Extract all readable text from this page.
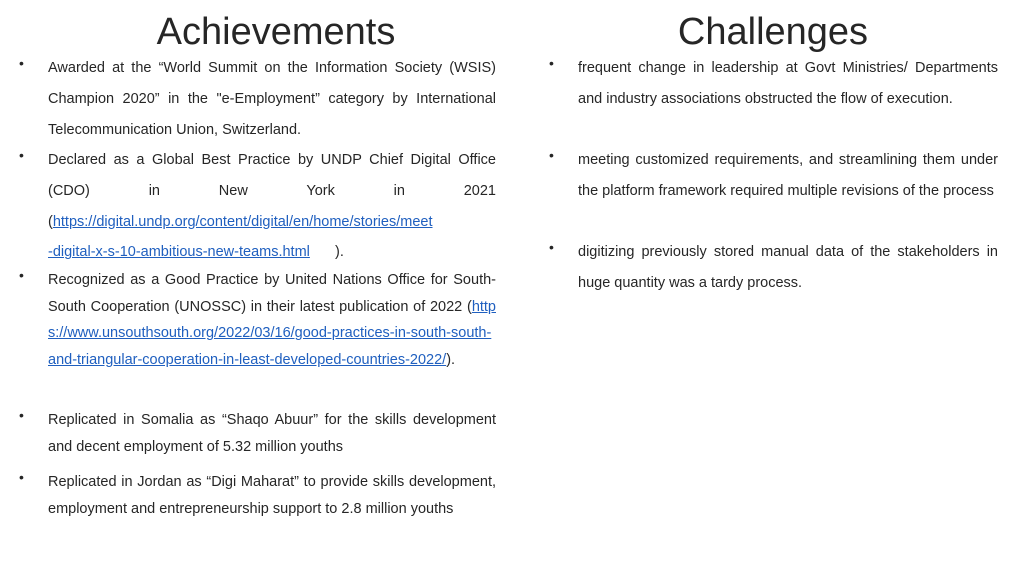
Achievements
• Awarded at the “World Summit on the Information Society (WSIS) Champion 2020” in the "e-Employment” category by International Telecommunication Union, Switzerland.

• Declared as a Global Best Practice by UNDP Chief Digital Office (CDO) in New York in 2021

(https://digital.undp.org/content/digital/en/home/stories/meet
-digital-x-s-10-ambitious-new-teams.html	).
• Recognized as a Good Practice by United Nations Office for South-South Cooperation (UNOSSC) in their latest publication of 2022 (https://www.unsouthsouth.org/2022/03/16/good-practices-in-south-south-and-triangular-cooperation-in-least-developed-countries-2022/).

• Replicated in Somalia as “Shaqo Abuur” for the skills development and decent employment of 5.32 million youths

• Replicated in Jordan as “Digi Maharat” to provide skills development, employment and entrepreneurship support to 2.8 million youths

Challenges
• frequent change in leadership at Govt Ministries/ Departments and industry associations obstructed the flow of execution.

• meeting customized requirements, and streamlining them under the platform framework required multiple revisions of the process

• digitizing previously stored manual data of the stakeholders in huge quantity was a tardy process.
